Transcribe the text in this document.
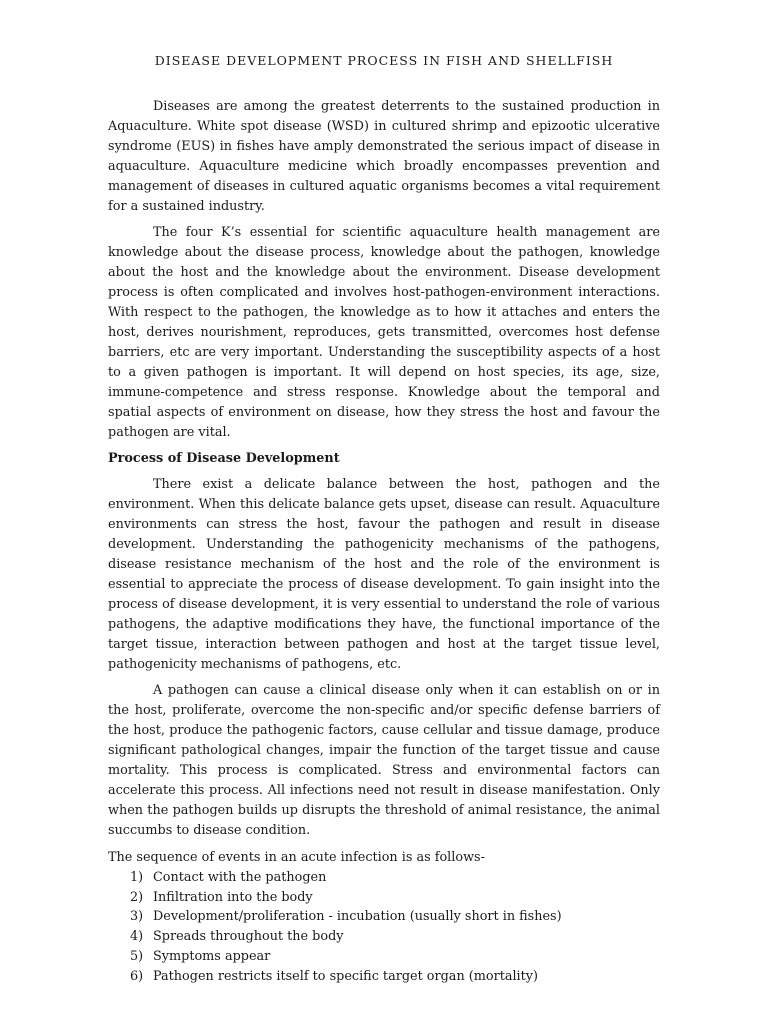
DISEASE DEVELOPMENT PROCESS IN FISH AND SHELLFISH

Diseases are among the greatest deterrents to the sustained production in Aquaculture. White spot disease (WSD) in cultured shrimp and epizootic ulcerative syndrome (EUS) in fishes have amply demonstrated the serious impact of disease in aquaculture. Aquaculture medicine which broadly encompasses prevention and management of diseases in cultured aquatic organisms becomes a vital requirement for a sustained industry.

The four K’s essential for scientific aquaculture health management are knowledge about the disease process, knowledge about the pathogen, knowledge about the host and the knowledge about the environment. Disease development process is often complicated and involves host-pathogen-environment interactions. With respect to the pathogen, the knowledge as to how it attaches and enters the host, derives nourishment, reproduces, gets transmitted, overcomes host defense barriers, etc are very important. Understanding the susceptibility aspects of a host to a given pathogen is important. It will depend on host species, its age, size, immune-competence and stress response. Knowledge about the temporal and spatial aspects of environment on disease, how they stress the host and favour the pathogen are vital.

Process of Disease Development

There exist a delicate balance between the host, pathogen and the environment. When this delicate balance gets upset, disease can result. Aquaculture environments can stress the host, favour the pathogen and result in disease development. Understanding the pathogenicity mechanisms of the pathogens, disease resistance mechanism of the host and the role of the environment is essential to appreciate the process of disease development. To gain insight into the process of disease development, it is very essential to understand the role of various pathogens, the adaptive modifications they have, the functional importance of the target tissue, interaction between pathogen and host at the target tissue level, pathogenicity mechanisms of pathogens, etc.

A pathogen can cause a clinical disease only when it can establish on or in the host, proliferate, overcome the non-specific and/or specific defense barriers of the host, produce the pathogenic factors, cause cellular and tissue damage, produce significant pathological changes, impair the function of the target tissue and cause mortality. This process is complicated. Stress and environmental factors can accelerate this process. All infections need not result in disease manifestation. Only when the pathogen builds up disrupts the threshold of animal resistance, the animal succumbs to disease condition.

The sequence of events in an acute infection is as follows-

1) Contact with the pathogen
2) Infiltration into the body
3) Development/proliferation - incubation (usually short in fishes)
4) Spreads throughout the body
5) Symptoms appear
6) Pathogen restricts itself to specific target organ (mortality)
